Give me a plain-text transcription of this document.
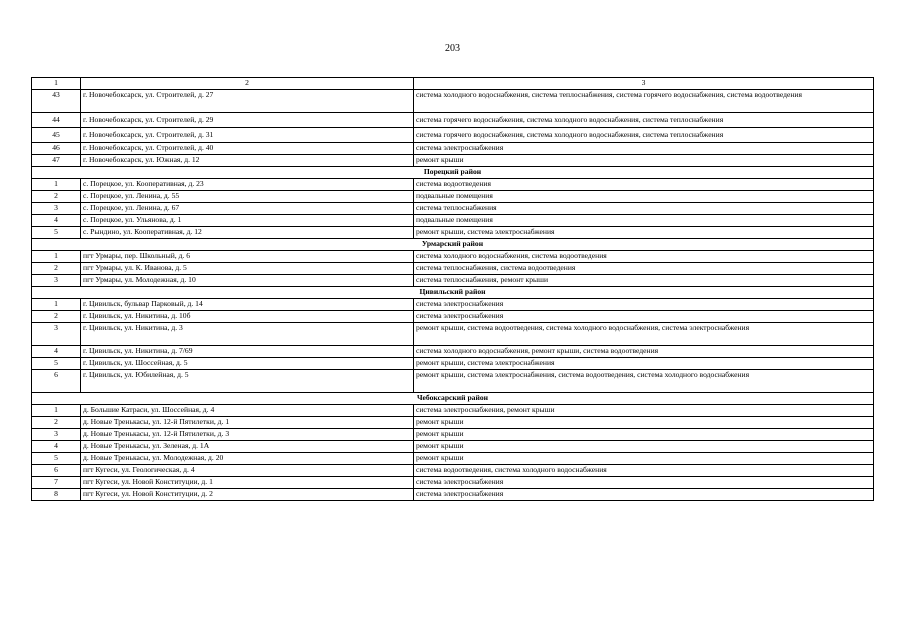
203
1	2	3
43	г. Новочебоксарск, ул. Строителей, д. 27	система холодного водоснабжения, система теплоснабжения, система горячего водоснабжения, система водоотведения
44	г. Новочебоксарск, ул. Строителей, д. 29	система горячего водоснабжения, система холодного водоснабжения, система теплоснабжения
45	г. Новочебоксарск, ул. Строителей, д. 31	система горячего водоснабжения, система холодного водоснабжения, система теплоснабжения
46	г. Новочебоксарск, ул. Строителей, д. 40	система электроснабжения
47	г. Новочебоксарск, ул. Южная, д. 12	ремонт крыши
Порецкий район		
1	с. Порецкое, ул. Кооперативная, д. 23	система водоотведения
2	с. Порецкое, ул. Ленина, д. 55	подвальные помещения
3	с. Порецкое, ул. Ленина, д. 67	система теплоснабжения
4	с. Порецкое, ул. Ульянова, д. 1	подвальные помещения
5	с. Рындино, ул. Кооперативная, д. 12	ремонт крыши, система электроснабжения
Урмарский район		
1	пгт Урмары, пер. Школьный, д. 6	система холодного водоснабжения, система водоотведения
2	пгт Урмары, ул. К. Иванова, д. 5	система теплоснабжения, система водоотведения
3	пгт Урмары, ул. Молодежная, д. 10	система теплоснабжения, ремонт крыши
Цивильский район		
1	г. Цивильск, бульвар Парковый, д. 14	система электроснабжения
2	г. Цивильск, ул. Никитина, д. 10б	система электроснабжения
3	г. Цивильск, ул. Никитина, д. 3	ремонт крыши, система водоотведения, система холодного водоснабжения, система электроснабжения
4	г. Цивильск, ул. Никитина, д. 7/69	система холодного водоснабжения, ремонт крыши, система водоотведения
5	г. Цивильск, ул. Шоссейная, д. 5	ремонт крыши, система электроснабжения
6	г. Цивильск, ул. Юбилейная, д. 5	ремонт крыши, система электроснабжения, система водоотведения, система холодного водоснабжения
Чебоксарский район		
1	д. Большие Катраси, ул. Шоссейная, д. 4	система электроснабжения, ремонт крыши
2	д. Новые Тренькасы, ул. 12-й Пятилетки, д. 1	ремонт крыши
3	д. Новые Тренькасы, ул. 12-й Пятилетки, д. 3	ремонт крыши
4	д. Новые Тренькасы, ул. Зеленая, д. 1А	ремонт крыши
5	д. Новые Тренькасы, ул. Молодежная, д. 20	ремонт крыши
6	пгт Кугеси, ул. Геологическая, д. 4	система водоотведения, система холодного водоснабжения
7	пгт Кугеси, ул. Новой Конституции, д. 1	система электроснабжения
8	пгт Кугеси, ул. Новой Конституции, д. 2	система электроснабжения
